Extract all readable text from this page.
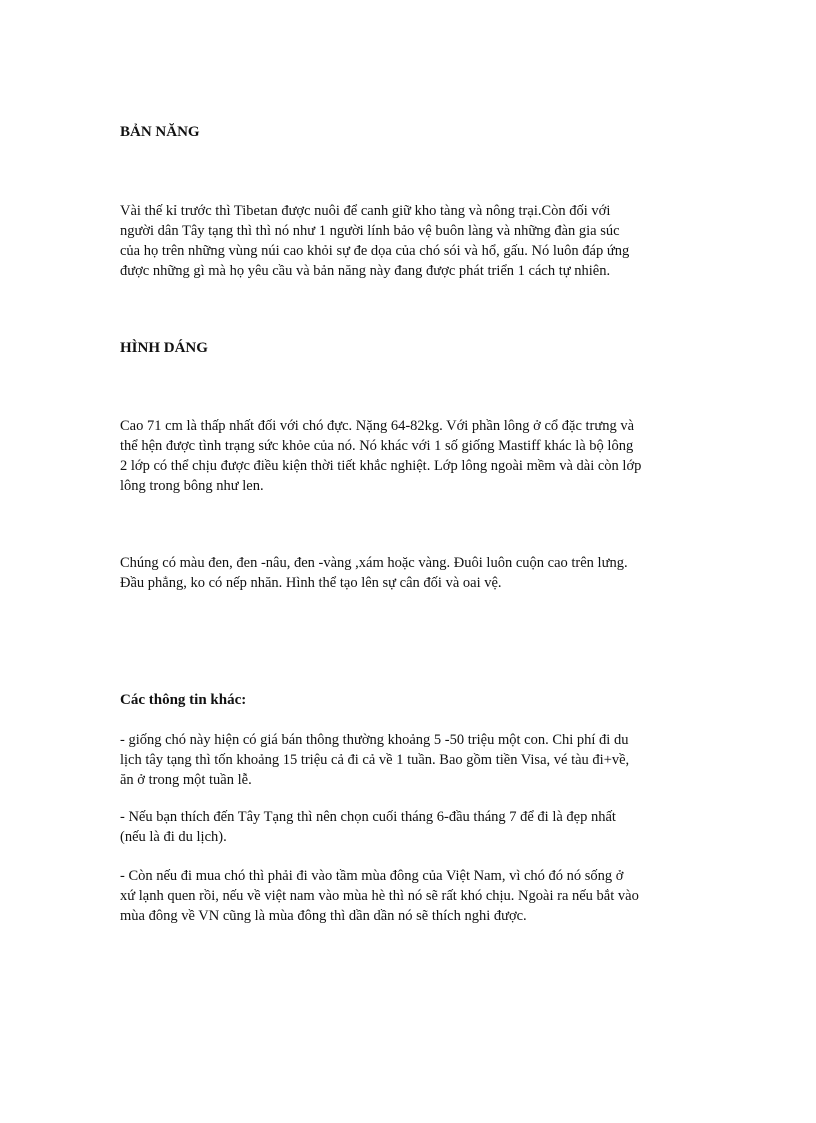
BẢN NĂNG

Vài thế kỉ trước thì Tibetan được nuôi để canh giữ kho tàng và nông trại.Còn đối với
người dân Tây tạng thì thì nó như 1 người lính bảo vệ buôn làng và những đàn gia súc
của họ trên những vùng núi cao khỏi sự đe dọa của chó sói và hổ, gấu. Nó luôn đáp ứng
được những gì mà họ yêu cầu và bản năng này đang được phát triển 1 cách tự nhiên.

HÌNH DÁNG

Cao 71 cm là thấp nhất đối với chó đực. Nặng 64-82kg. Với phần lông ở cổ đặc trưng và
thể hện được tình trạng sức khỏe của nó. Nó khác với 1 số giống Mastiff khác là bộ lông
2 lớp có thể chịu được điều kiện thời tiết khắc nghiệt. Lớp lông ngoài mềm và dài còn lớp
lông trong bông như len.

Chúng có màu đen, đen -nâu, đen -vàng ,xám hoặc vàng. Đuôi luôn cuộn cao trên lưng.
Đầu phẳng, ko có nếp nhăn. Hình thể tạo lên sự cân đối và oai vệ.

Các thông tin khác:

- giống chó này hiện có giá bán thông thường khoảng 5 -50 triệu một con. Chi phí đi du
lịch tây tạng thì tốn khoảng 15 triệu cả đi cả về 1 tuần. Bao gồm tiền Visa, vé tàu đi+về,
ăn ở trong một tuần lễ.

- Nếu bạn thích đến Tây Tạng thì nên chọn cuối tháng 6-đầu tháng 7 để đi là đẹp nhất
(nếu là đi du lịch).

- Còn nếu đi mua chó thì phải đi vào tầm mùa đông của Việt Nam, vì chó đó nó sống ở
xứ lạnh quen rồi, nếu về việt nam vào mùa hè thì nó sẽ rất khó chịu. Ngoài ra nếu bắt vào
mùa đông về VN cũng là mùa đông thì dần dần nó sẽ thích nghi được.
